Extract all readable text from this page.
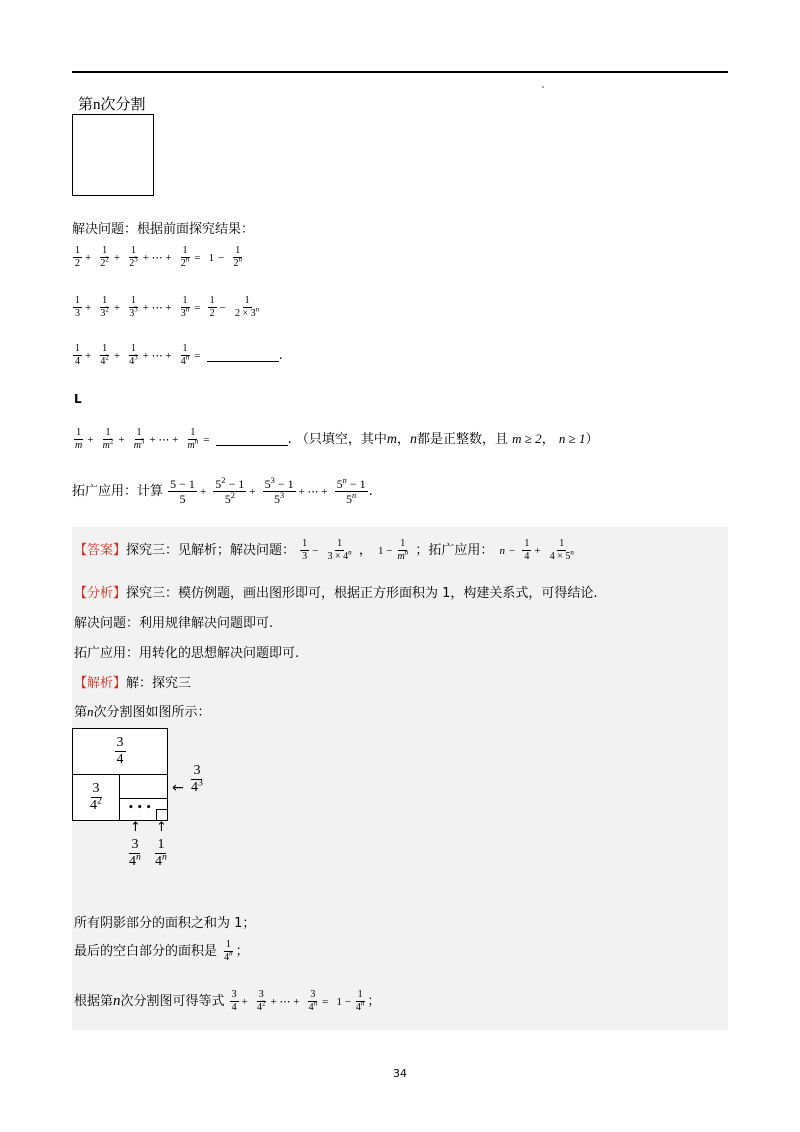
第n次分割
解决问题：根据前面探究结果：
$\frac{1}{2} + \frac{1}{2^2} + \frac{1}{2^3}$ + ⋯ + $\frac{1}{2^n} = 1 - \frac{1}{2^n}$
$\frac{1}{3} + \frac{1}{3^2} + \frac{1}{3^3}$ + ⋯ + $\frac{1}{3^n} = \frac{1}{2} - \frac{1}{2 \times 3^n}$
$\frac{1}{4} + \frac{1}{4^2} + \frac{1}{4^3}$ + ⋯ + $\frac{1}{4^n}$ =	.
L
$\frac{1}{m} + \frac{1}{m^2} + \frac{1}{m^3}$ + ⋯ + $\frac{1}{m^n}$ =	. （只填空，其中m，n都是正整数，且 m ≥ 2， n ≥ 1）
拓广应用：计算 $\frac{5 - 1}{5} + \frac{5^2 - 1}{5^2} + \frac{5^3 - 1}{5^3}$ + ⋯ + $\frac{5^n - 1}{5^n}$ .
【答案】探究三：见解析；解决问题： $\frac{1}{3} - \frac{1}{3 \times 4^n}$ ， $1 - \frac{1}{m^n}$ ；拓广应用： $n - \frac{1}{4} + \frac{1}{4 \times 5^n}$
【分析】探究三：模仿例题，画出图形即可，根据正方形面积为 1，构建关系式，可得结论.
解决问题：利用规律解决问题即可.
拓广应用：用转化的思想解决问题即可.
【解析】解：探究三
第n次分割图如图所示：
$\frac{3}{4}$
$\frac{3}{4^2}$	• • •
← $\frac{3}{4^3}$
↑ ↑
$\frac{3}{4^n} \frac{1}{4^n}$
所有阴影部分的面积之和为 1；
最后的空白部分的面积是 $\frac{1}{4^n}$ ；
根据第n次分割图可得等式 $\frac{3}{4} + \frac{3}{4^2}$ + ⋯ + $\frac{3}{4^n} = 1 - \frac{1}{4^n}$ ；
34
